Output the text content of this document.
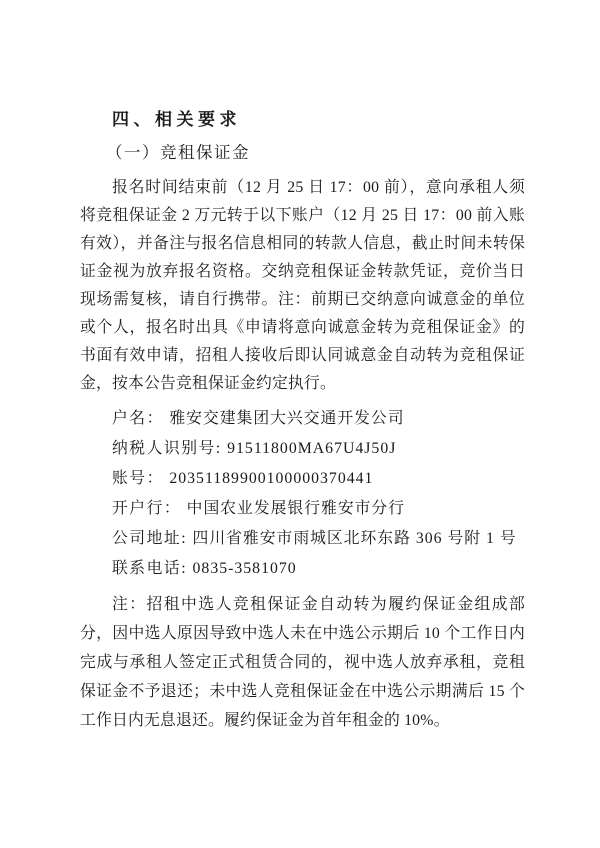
四、相关要求
（一）竞租保证金

报名时间结束前（12 月 25 日 17：00 前），意向承租人须将竞租保证金 2 万元转于以下账户（12 月 25 日 17：00 前入账有效），并备注与报名信息相同的转款人信息，截止时间未转保证金视为放弃报名资格。交纳竞租保证金转款凭证，竞价当日现场需复核，请自行携带。注：前期已交纳意向诚意金的单位或个人，报名时出具《申请将意向诚意金转为竞租保证金》的书面有效申请，招租人接收后即认同诚意金自动转为竞租保证金，按本公告竞租保证金约定执行。

户名： 雅安交建集团大兴交通开发公司

纳税人识别号: 91511800MA67U4J50J

账号： 20351189900100000370441

开户行： 中国农业发展银行雅安市分行

公司地址: 四川省雅安市雨城区北环东路 306 号附 1 号

联系电话: 0835-3581070

注：招租中选人竞租保证金自动转为履约保证金组成部分，因中选人原因导致中选人未在中选公示期后 10 个工作日内完成与承租人签定正式租赁合同的，视中选人放弃承租，竞租保证金不予退还；未中选人竞租保证金在中选公示期满后 15 个工作日内无息退还。履约保证金为首年租金的 10%。
